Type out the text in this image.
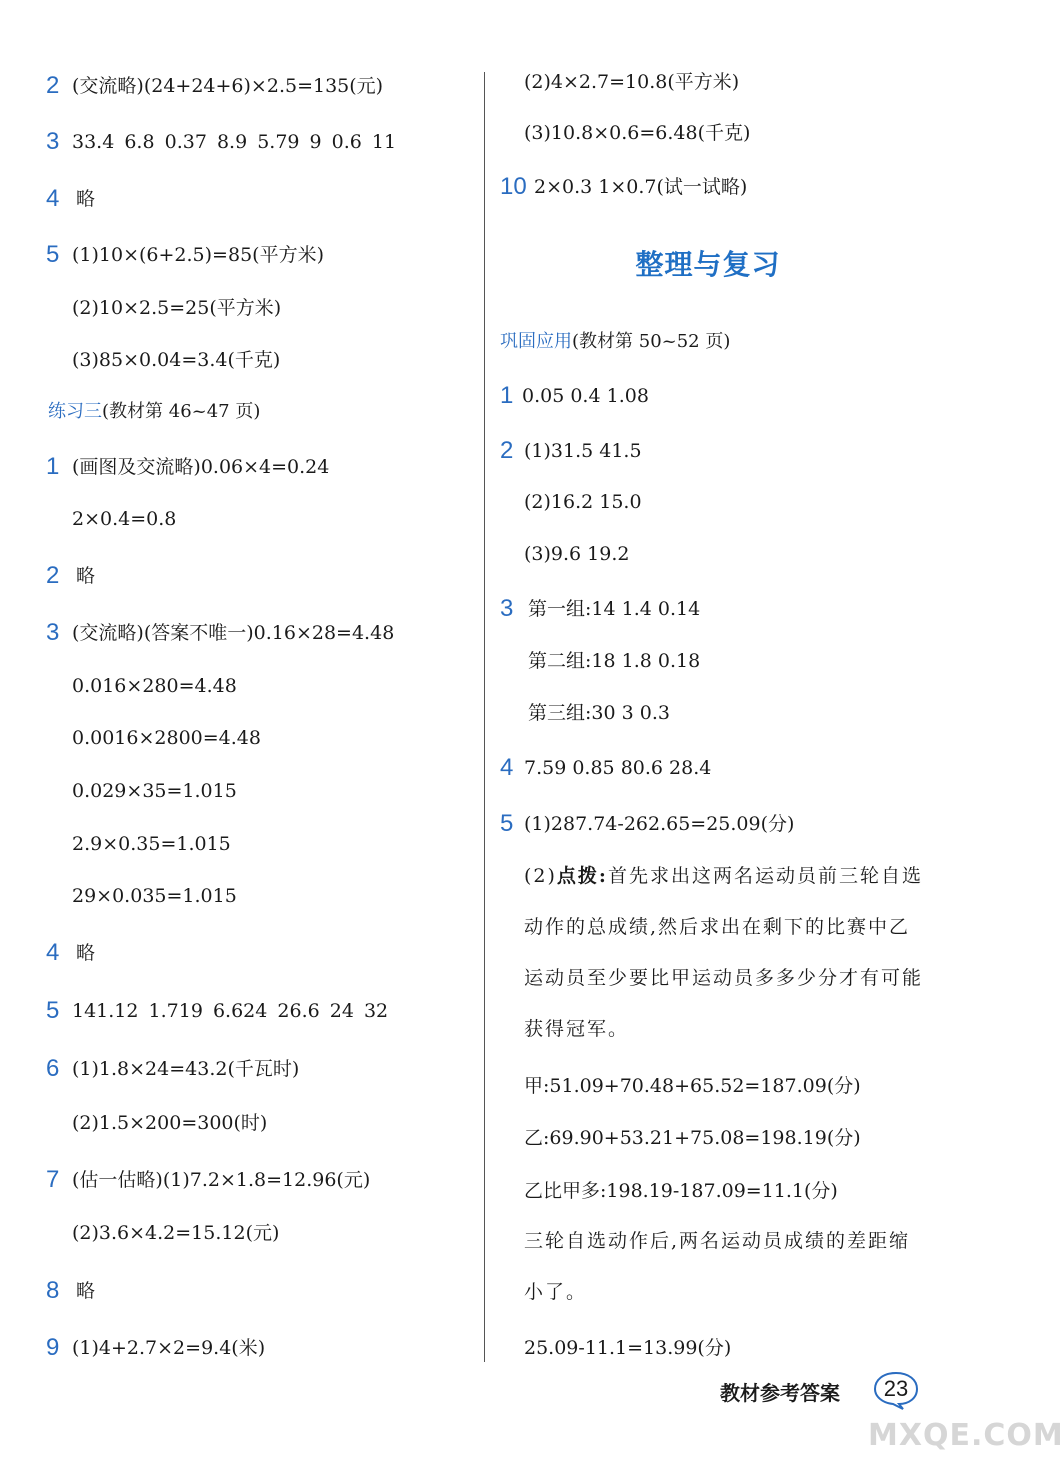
2 (交流略)(24+24+6)×2.5=135(元)
3 33.4 6.8 0.37 8.9 5.79 9 0.6 11
4 略
5 (1)10×(6+2.5)=85(平方米)
(2)10×2.5=25(平方米)
(3)85×0.04=3.4(千克)
练习三(教材第 46~47 页)
1 (画图及交流略)0.06×4=0.24
2×0.4=0.8
2 略
3 (交流略)(答案不唯一)0.16×28=4.48
0.016×280=4.48
0.0016×2800=4.48
0.029×35=1.015
2.9×0.35=1.015
29×0.035=1.015
4 略
5 141.12 1.719 6.624 26.6 24 32
6 (1)1.8×24=43.2(千瓦时)
(2)1.5×200=300(时)
7 (估一估略)(1)7.2×1.8=12.96(元)
(2)3.6×4.2=15.12(元)
8 略
9 (1)4+2.7×2=9.4(米)
(2)4×2.7=10.8(平方米)
(3)10.8×0.6=6.48(千克)
10 2×0.3 1×0.7(试一试略)
整理与复习
巩固应用(教材第 50~52 页)
1 0.05 0.4 1.08
2 (1)31.5 41.5
(2)16.2 15.0
(3)9.6 19.2
3 第一组:14 1.4 0.14
第二组:18 1.8 0.18
第三组:30 3 0.3
4 7.59 0.85 80.6 28.4
5 (1)287.74-262.65=25.09(分)
(2)点拨:首先求出这两名运动员前三轮自选动作的总成绩,然后求出在剩下的比赛中乙运动员至少要比甲运动员多多少分才有可能获得冠军。
甲:51.09+70.48+65.52=187.09(分)
乙:69.90+53.21+75.08=198.19(分)
乙比甲多:198.19-187.09=11.1(分)
三轮自选动作后,两名运动员成绩的差距缩小了。
25.09-11.1=13.99(分)
教材参考答案	23
MXQE.COM
